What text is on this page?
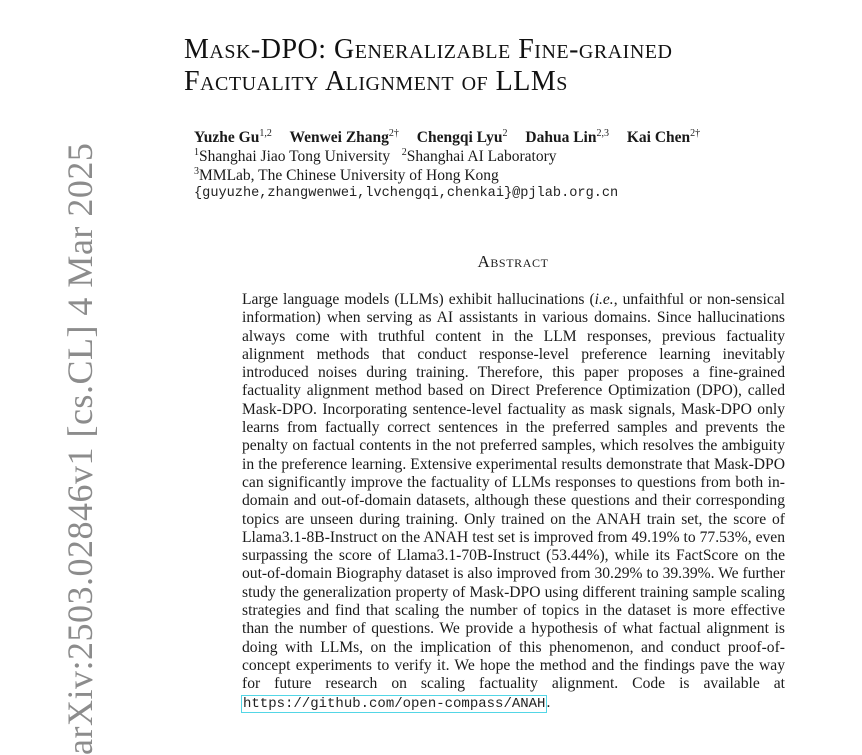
arXiv:2503.02846v1 [cs.CL] 4 Mar 2025
Mask-DPO: Generalizable Fine-grained
Factuality Alignment of LLMs
Yuzhe Gu$^{1,2}$ Wenwei Zhang$^{2\dagger}$ Chengqi Lyu$^2$ Dahua Lin$^{2,3}$ Kai Chen$^{2\dagger}$
$^1$Shanghai Jiao Tong University $^2$Shanghai AI Laboratory
$^3$MMLab, The Chinese University of Hong Kong
{guyuzhe,zhangwenwei,lvchengqi,chenkai}@pjlab.org.cn
Abstract

Large language models (LLMs) exhibit hallucinations (i.e., unfaithful or non-sensical information) when serving as AI assistants in various domains. Since hallucinations always come with truthful content in the LLM responses, previous factuality alignment methods that conduct response-level preference learning inevitably introduced noises during training. Therefore, this paper proposes a fine-grained factuality alignment method based on Direct Preference Optimization (DPO), called Mask-DPO. Incorporating sentence-level factuality as mask signals, Mask-DPO only learns from factually correct sentences in the preferred samples and prevents the penalty on factual contents in the not preferred samples, which resolves the ambiguity in the preference learning. Extensive experimental results demonstrate that Mask-DPO can significantly improve the factuality of LLMs responses to questions from both in-domain and out-of-domain datasets, although these questions and their corresponding topics are unseen during training. Only trained on the ANAH train set, the score of Llama3.1-8B-Instruct on the ANAH test set is improved from 49.19% to 77.53%, even surpassing the score of Llama3.1-70B-Instruct (53.44%), while its FactScore on the out-of-domain Biography dataset is also improved from 30.29% to 39.39%. We further study the generalization property of Mask-DPO using different training sample scaling strategies and find that scaling the number of topics in the dataset is more effective than the number of questions. We provide a hypothesis of what factual alignment is doing with LLMs, on the implication of this phenomenon, and conduct proof-of-concept experiments to verify it. We hope the method and the findings pave the way for future research on scaling factuality alignment. Code is available at https://github.com/open-compass/ANAH.
